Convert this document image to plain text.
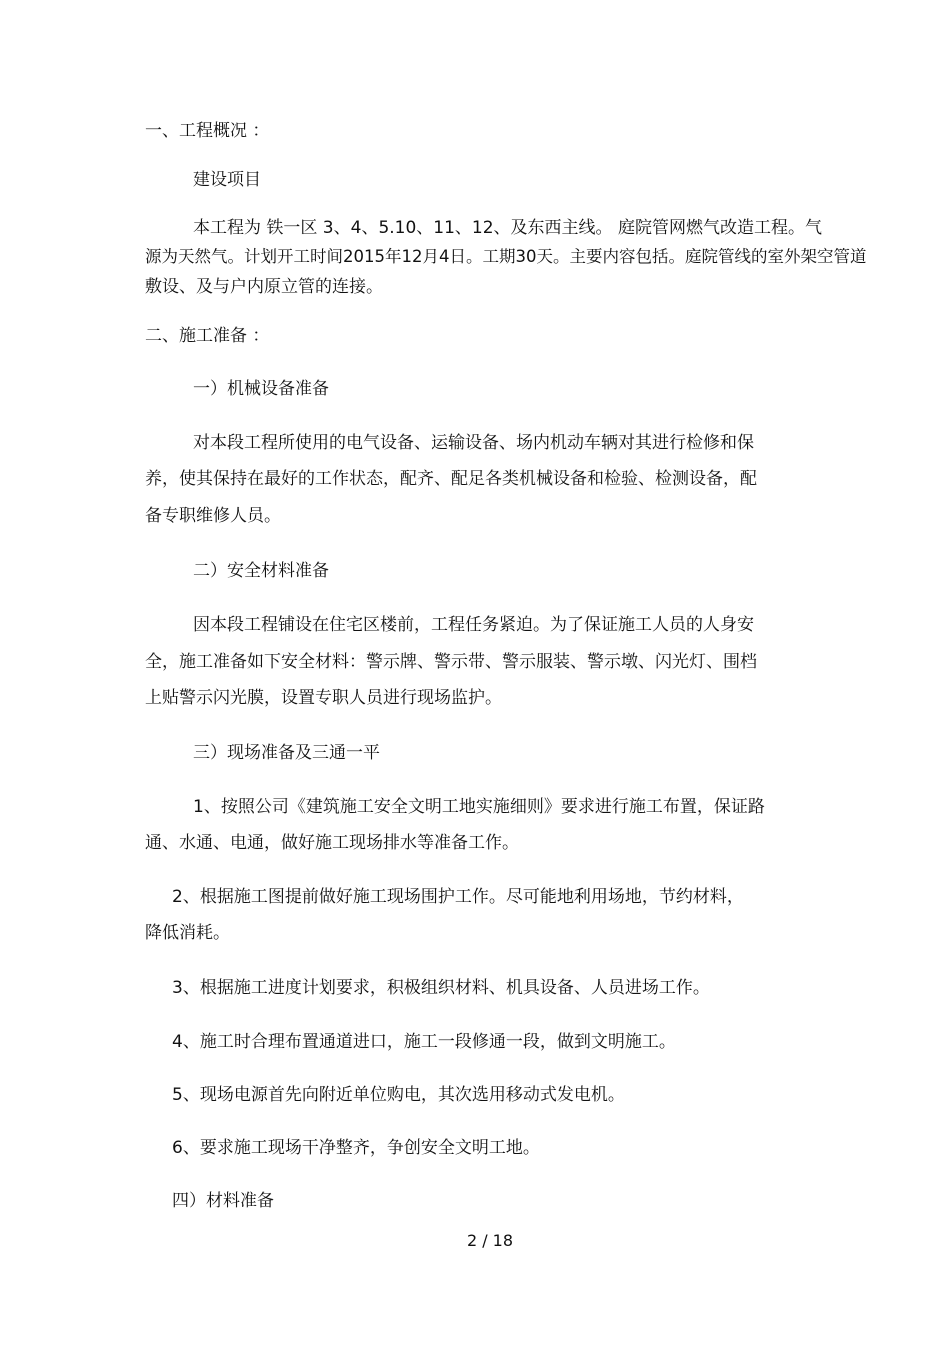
一、工程概况 ：
建设项目
本工程为 铁一区 3、4、5.10、11、12、及东西主线。 庭院管网燃气改造工程。气
源为天然气。计划开工时间2015年12月4日。工期30天。主要内容包括。庭院管线的室外架空管道
敷设、及与户内原立管的连接。
二、施工准备 ：
一）机械设备准备
对本段工程所使用的电气设备、运输设备、场内机动车辆对其进行检修和保
养，使其保持在最好的工作状态，配齐、配足各类机械设备和检验、检测设备，配
备专职维修人员。
二）安全材料准备
因本段工程铺设在住宅区楼前，工程任务紧迫。为了保证施工人员的人身安
全，施工准备如下安全材料：警示牌、警示带、警示服装、警示墩、闪光灯、围档
上贴警示闪光膜，设置专职人员进行现场监护。
三）现场准备及三通一平
1、按照公司《建筑施工安全文明工地实施细则》要求进行施工布置，保证路
通、水通、电通，做好施工现场排水等准备工作。
2、根据施工图提前做好施工现场围护工作。尽可能地利用场地，节约材料，
降低消耗。
3、根据施工进度计划要求，积极组织材料、机具设备、人员进场工作。
4、施工时合理布置通道进口，施工一段修通一段，做到文明施工。
5、现场电源首先向附近单位购电，其次选用移动式发电机。
6、要求施工现场干净整齐，争创安全文明工地。
四）材料准备
2 / 18
